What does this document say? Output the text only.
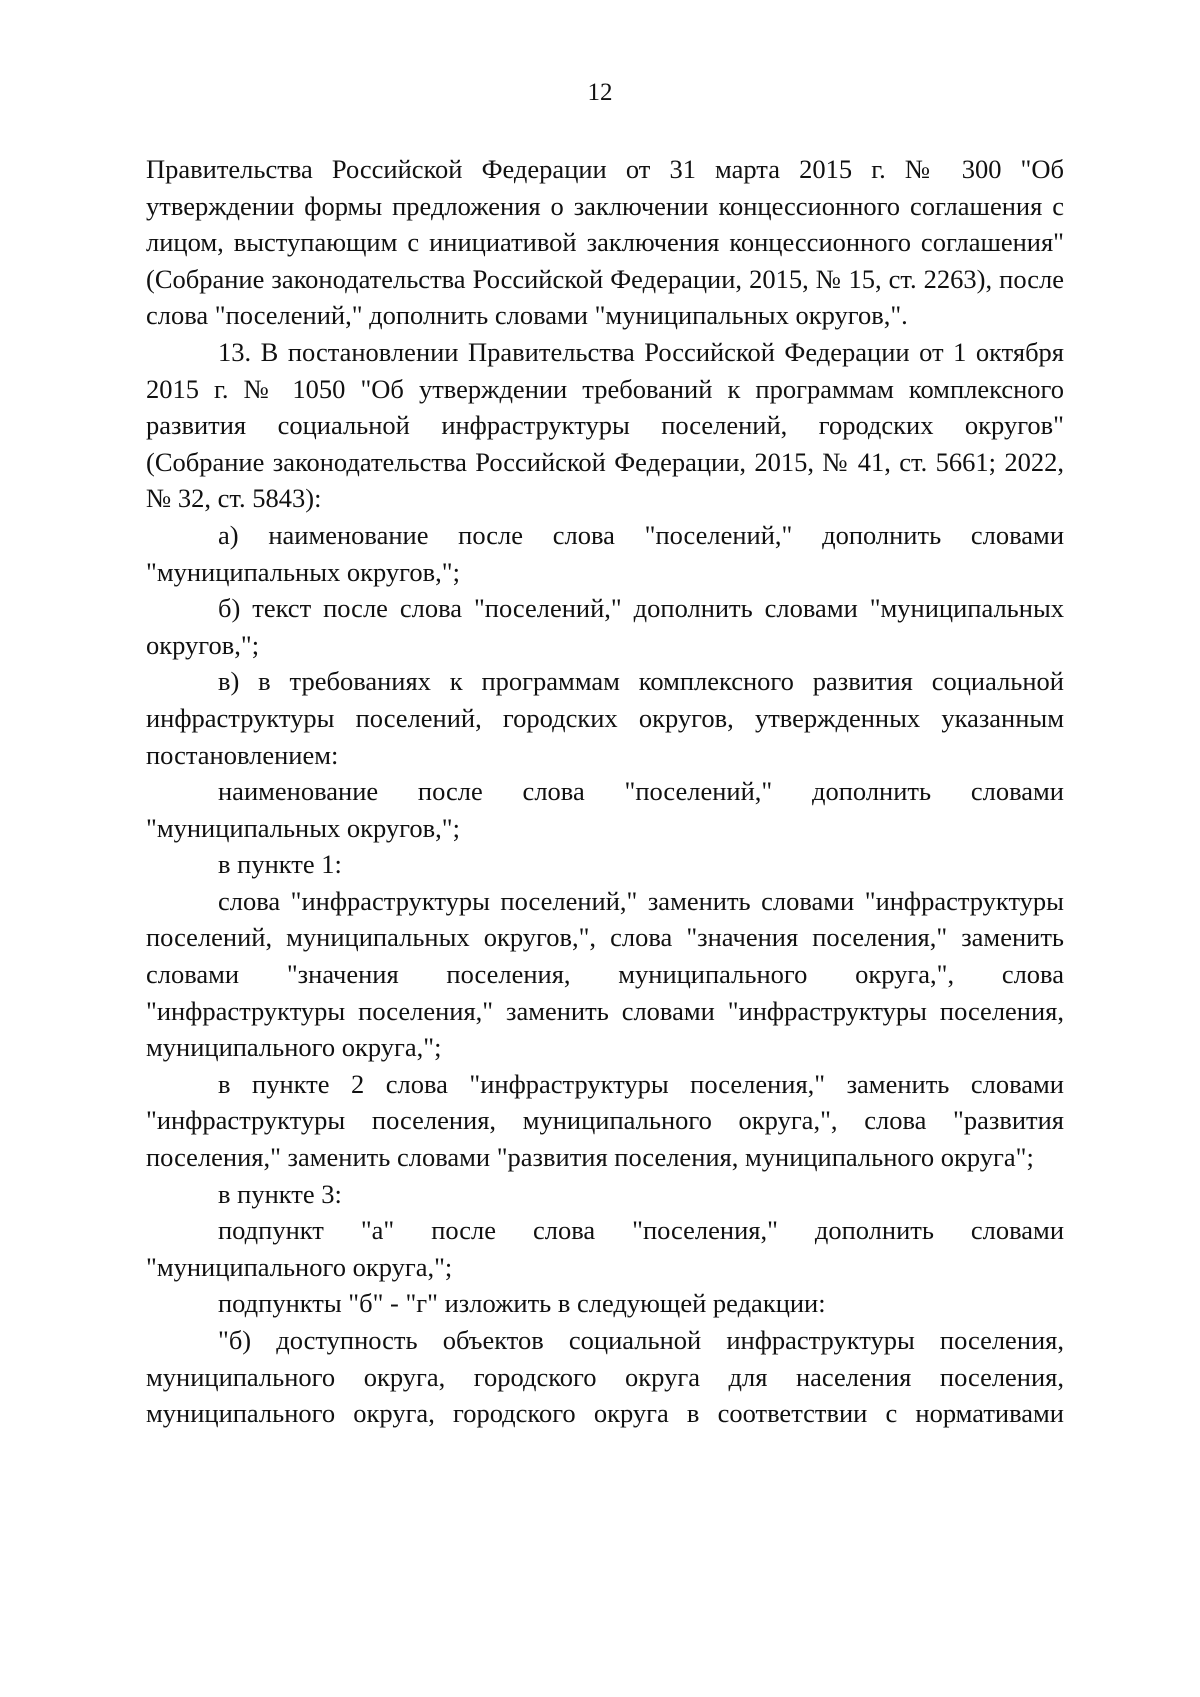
12

Правительства Российской Федерации от 31 марта 2015 г. № 300 "Об утверждении формы предложения о заключении концессионного соглашения с лицом, выступающим с инициативой заключения концессионного соглашения" (Собрание законодательства Российской Федерации, 2015, № 15, ст. 2263), после слова "поселений," дополнить словами "муниципальных округов,".

13. В постановлении Правительства Российской Федерации от 1 октября 2015 г. № 1050 "Об утверждении требований к программам комплексного развития социальной инфраструктуры поселений, городских округов" (Собрание законодательства Российской Федерации, 2015, № 41, ст. 5661; 2022, № 32, ст. 5843):

а) наименование после слова "поселений," дополнить словами "муниципальных округов,";

б) текст после слова "поселений," дополнить словами "муниципальных округов,";

в) в требованиях к программам комплексного развития социальной инфраструктуры поселений, городских округов, утвержденных указанным постановлением:

наименование после слова "поселений," дополнить словами "муниципальных округов,";

в пункте 1:

слова "инфраструктуры поселений," заменить словами "инфраструктуры поселений, муниципальных округов,", слова "значения поселения," заменить словами "значения поселения, муниципального округа,", слова "инфраструктуры поселения," заменить словами "инфраструктуры поселения, муниципального округа,";

в пункте 2 слова "инфраструктуры поселения," заменить словами "инфраструктуры поселения, муниципального округа,", слова "развития поселения," заменить словами "развития поселения, муниципального округа";

в пункте 3:

подпункт "а" после слова "поселения," дополнить словами "муниципального округа,";

подпункты "б" - "г" изложить в следующей редакции:

"б) доступность объектов социальной инфраструктуры поселения, муниципального округа, городского округа для населения поселения, муниципального округа, городского округа в соответствии с нормативами
